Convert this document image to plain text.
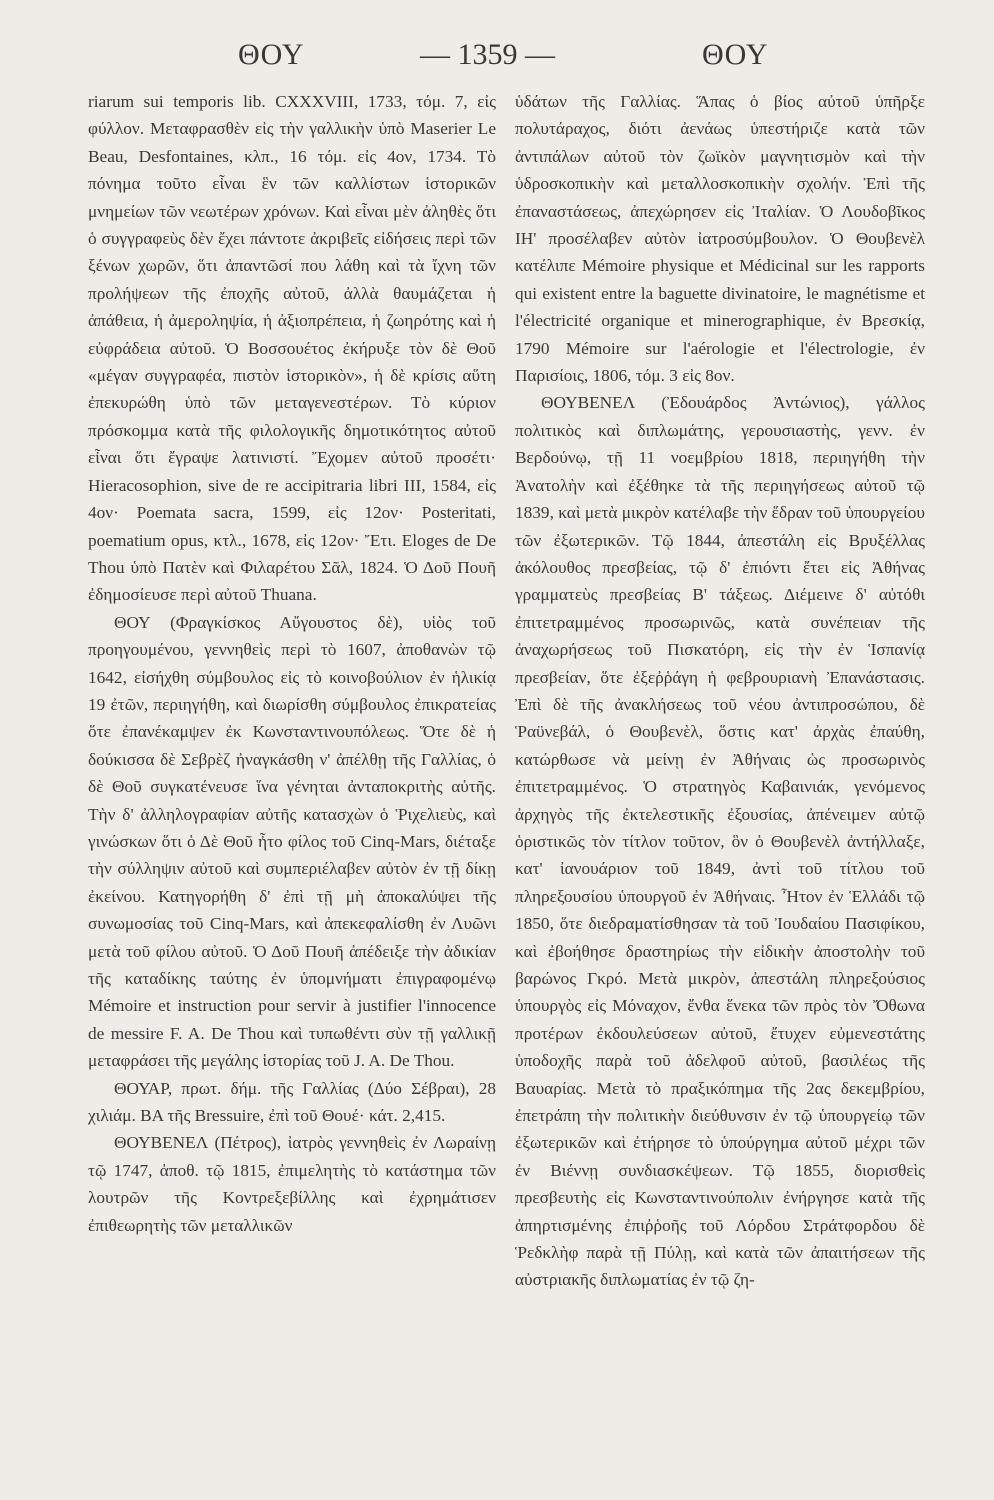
ΘΟΥ	— 1359 —	ΘΟΥ

riarum sui temporis lib. CXXXVIII, 1733, τόμ. 7, εἰς φύλλον. Μεταφρασθὲν εἰς τὴν γαλλικὴν ὑπὸ Maserier Le Beau, Desfontaines, κλπ., 16 τόμ. εἰς 4ον, 1734. Τὸ πόνημα τοῦτο εἶναι ἓν τῶν καλλίστων ἱστορικῶν μνημείων τῶν νεωτέρων χρόνων. Καὶ εἶναι μὲν ἀληθὲς ὅτι ὁ συγγραφεὺς δὲν ἔχει πάντοτε ἀκριβεῖς εἰδήσεις περὶ τῶν ξένων χωρῶν, ὅτι ἀπαντῶσί που λάθη καὶ τὰ ἴχνη τῶν προλήψεων τῆς ἐποχῆς αὐτοῦ, ἀλλὰ θαυμάζεται ἡ ἀπάθεια, ἡ ἀμεροληψία, ἡ ἀξιοπρέπεια, ἡ ζωηρότης καὶ ἡ εὐφράδεια αὐτοῦ. Ὁ Βοσσουέτος ἐκήρυξε τὸν δὲ Θοῦ «μέγαν συγγραφέα, πιστὸν ἱστορικὸν», ἡ δὲ κρίσις αὕτη ἐπεκυρώθη ὑπὸ τῶν μεταγενεστέρων. Τὸ κύριον πρόσκομμα κατὰ τῆς φιλολογικῆς δημοτικότητος αὐτοῦ εἶναι ὅτι ἔγραψε λατινιστί. Ἔχομεν αὐτοῦ προσέτι· Hieracosophion, sive de re accipitraria libri III, 1584, εἰς 4ον· Poemata sacra, 1599, εἰς 12ον· Posteritati, poematium opus, κτλ., 1678, εἰς 12ον· Ἔτι. Eloges de De Thou ὑπὸ Πατὲν καὶ Φιλαρέτου Σᾶλ, 1824. Ὁ Δοῦ Πουῆ ἐδημοσίευσε περὶ αὐτοῦ Thuana.

ΘΟΥ (Φραγκίσκος Αὔγουστος δὲ), υἱὸς τοῦ προηγουμένου, γεννηθεὶς περὶ τὸ 1607, ἀποθανὼν τῷ 1642, εἰσήχθη σύμβουλος εἰς τὸ κοινοβούλιον ἐν ἡλικίᾳ 19 ἐτῶν, περιηγήθη, καὶ διωρίσθη σύμβουλος ἐπικρατείας ὅτε ἐπανέκαμψεν ἐκ Κωνσταντινουπόλεως. Ὅτε δὲ ἡ δούκισσα δὲ Σεβρὲζ ἠναγκάσθη ν' ἀπέλθῃ τῆς Γαλλίας, ὁ δὲ Θοῦ συγκατένευσε ἵνα γένηται ἀνταποκριτὴς αὐτῆς. Τὴν δ' ἀλληλογραφίαν αὐτῆς κατασχὼν ὁ Ῥιχελιεὺς, καὶ γινώσκων ὅτι ὁ Δὲ Θοῦ ἦτο φίλος τοῦ Cinq-Mars, διέταξε τὴν σύλληψιν αὐτοῦ καὶ συμπεριέλαβεν αὐτὸν ἐν τῇ δίκῃ ἐκείνου. Κατηγορήθη δ' ἐπὶ τῇ μὴ ἀποκαλύψει τῆς συνωμοσίας τοῦ Cinq-Mars, καὶ ἀπεκεφαλίσθη ἐν Λυῶνι μετὰ τοῦ φίλου αὐτοῦ. Ὁ Δοῦ Πουῆ ἀπέδειξε τὴν ἀδικίαν τῆς καταδίκης ταύτης ἐν ὑπομνήματι ἐπιγραφομένῳ Mémoire et instruction pour servir à justifier l'innocence de messire F. A. De Thou καὶ τυπωθέντι σὺν τῇ γαλλικῇ μεταφράσει τῆς μεγάλης ἱστορίας τοῦ J. A. De Thou.

ΘΟΥΑΡ, πρωτ. δήμ. τῆς Γαλλίας (Δύο Σέβραι), 28 χιλιάμ. ΒΑ τῆς Bressuire, ἐπὶ τοῦ Θουέ· κάτ. 2,415.

ΘΟΥΒΕΝΕΛ (Πέτρος), ἰατρὸς γεννηθεὶς ἐν Λωραίνῃ τῷ 1747, ἀποθ. τῷ 1815, ἐπιμελητὴς τὸ κατάστημα τῶν λουτρῶν τῆς Κοντρεξεβίλλης καὶ ἐχρημάτισεν ἐπιθεωρητὴς τῶν μεταλλικῶν

ὑδάτων τῆς Γαλλίας. Ἅπας ὁ βίος αὐτοῦ ὑπῆρξε πολυτάραχος, διότι ἀενάως ὑπεστήριζε κατὰ τῶν ἀντιπάλων αὐτοῦ τὸν ζωϊκὸν μαγνητισμὸν καὶ τὴν ὑδροσκοπικὴν καὶ μεταλλοσκοπικὴν σχολήν. Ἐπὶ τῆς ἐπαναστάσεως, ἀπεχώρησεν εἰς Ἰταλίαν. Ὁ Λουδοβῖκος ΙΗ' προσέλαβεν αὐτὸν ἰατροσύμβουλον. Ὁ Θουβενὲλ κατέλιπε Mémoire physique et Médicinal sur les rapports qui existent entre la baguette divinatoire, le magnétisme et l'électricité organique et minerographique, ἐν Βρεσκίᾳ, 1790 Mémoire sur l'aérologie et l'électrologie, ἐν Παρισίοις, 1806, τόμ. 3 εἰς 8ον.

ΘΟΥΒΕΝΕΛ (Ἐδουάρδος Ἀντώνιος), γάλλος πολιτικὸς καὶ διπλωμάτης, γερουσιαστὴς, γενν. ἐν Βερδούνῳ, τῇ 11 νοεμβρίου 1818, περιηγήθη τὴν Ἀνατολὴν καὶ ἐξέθηκε τὰ τῆς περιηγήσεως αὐτοῦ τῷ 1839, καὶ μετὰ μικρὸν κατέλαβε τὴν ἕδραν τοῦ ὑπουργείου τῶν ἐξωτερικῶν. Τῷ 1844, ἀπεστάλη εἰς Βρυξέλλας ἀκόλουθος πρεσβείας, τῷ δ' ἐπιόντι ἔτει εἰς Ἀθήνας γραμματεὺς πρεσβείας Β' τάξεως. Διέμεινε δ' αὐτόθι ἐπιτετραμμένος προσωρινῶς, κατὰ συνέπειαν τῆς ἀναχωρήσεως τοῦ Πισκατόρη, εἰς τὴν ἐν Ἱσπανίᾳ πρεσβείαν, ὅτε ἐξεῤῥάγη ἡ φεβρουριανὴ Ἐπανάστασις. Ἐπὶ δὲ τῆς ἀνακλήσεως τοῦ νέου ἀντιπροσώπου, δὲ Ῥαϋνεβάλ, ὁ Θουβενὲλ, ὅστις κατ' ἀρχὰς ἐπαύθη, κατώρθωσε νὰ μείνῃ ἐν Ἀθήναις ὡς προσωρινὸς ἐπιτετραμμένος. Ὁ στρατηγὸς Καβαινιάκ, γενόμενος ἀρχηγὸς τῆς ἐκτελεστικῆς ἐξουσίας, ἀπένειμεν αὐτῷ ὁριστικῶς τὸν τίτλον τοῦτον, ὃν ὁ Θουβενὲλ ἀντήλλαξε, κατ' ἰανουάριον τοῦ 1849, ἀντὶ τοῦ τίτλου τοῦ πληρεξουσίου ὑπουργοῦ ἐν Ἀθήναις. Ἦτον ἐν Ἑλλάδι τῷ 1850, ὅτε διεδραματίσθησαν τὰ τοῦ Ἰουδαίου Πασιφίκου, καὶ ἐβοήθησε δραστηρίως τὴν εἰδικὴν ἀποστολὴν τοῦ βαρώνος Γκρό. Μετὰ μικρὸν, ἀπεστάλη πληρεξούσιος ὑπουργὸς εἰς Μόναχον, ἔνθα ἕνεκα τῶν πρὸς τὸν Ὄθωνα προτέρων ἐκδουλεύσεων αὐτοῦ, ἔτυχεν εὐμενεστάτης ὑποδοχῆς παρὰ τοῦ ἀδελφοῦ αὐτοῦ, βασιλέως τῆς Βαυαρίας. Μετὰ τὸ πραξικόπημα τῆς 2ας δεκεμβρίου, ἐπετράπη τὴν πολιτικὴν διεύθυνσιν ἐν τῷ ὑπουργείῳ τῶν ἐξωτερικῶν καὶ ἐτήρησε τὸ ὑπούργημα αὐτοῦ μέχρι τῶν ἐν Βιέννῃ συνδιασκέψεων. Τῷ 1855, διορισθεὶς πρεσβευτὴς εἰς Κωνσταντινούπολιν ἐνήργησε κατὰ τῆς ἀπηρτισμένης ἐπιῤῥοῆς τοῦ Λόρδου Στράτφορδου δὲ Ῥεδκλὴφ παρὰ τῇ Πύλῃ, καὶ κατὰ τῶν ἀπαιτήσεων τῆς αὐστριακῆς διπλωματίας ἐν τῷ ζη-
